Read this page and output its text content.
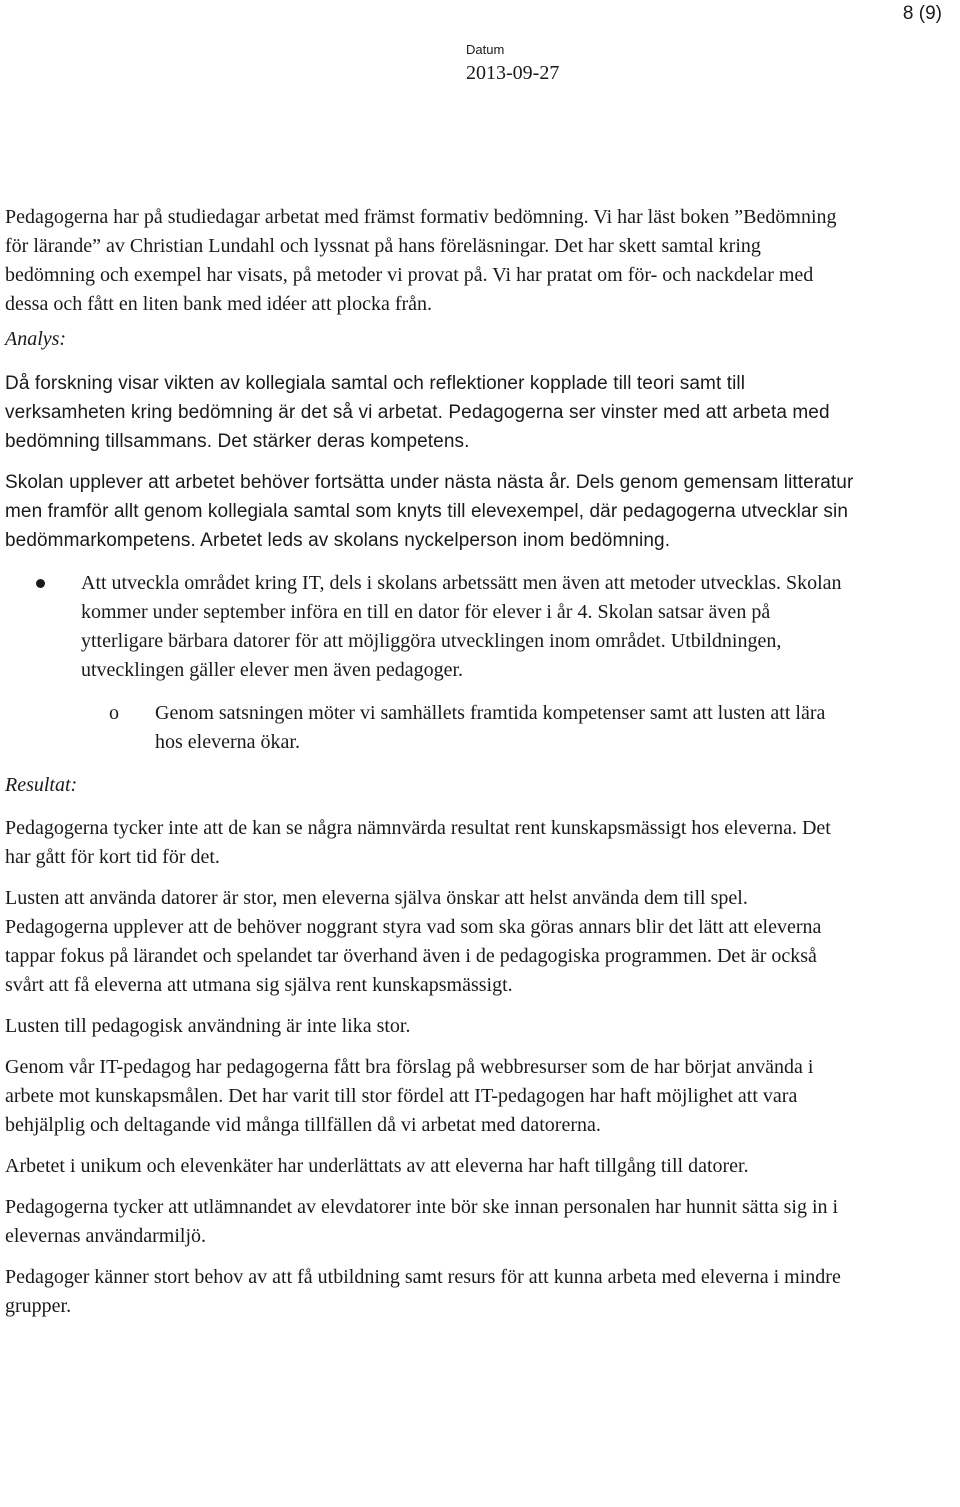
8 (9)
Datum
2013-09-27

Pedagogerna har på studiedagar arbetat med främst formativ bedömning. Vi har läst boken ”Bedömning för lärande” av Christian Lundahl och lyssnat på hans föreläsningar. Det har skett samtal kring bedömning och exempel har visats, på metoder vi provat på. Vi har pratat om för- och nackdelar med dessa och fått en liten bank med idéer att plocka från.

Analys:

Då forskning visar vikten av kollegiala samtal och reflektioner kopplade till teori samt till verksamheten kring bedömning är det så vi arbetat. Pedagogerna ser vinster med att arbeta med bedömning tillsammans. Det stärker deras kompetens.

Skolan upplever att arbetet behöver fortsätta under nästa nästa år. Dels genom gemensam litteratur men framför allt genom kollegiala samtal som knyts till elevexempel, där pedagogerna utvecklar sin bedömmarkompetens. Arbetet leds av skolans nyckelperson inom bedömning.

Att utveckla området kring IT, dels i skolans arbetssätt men även att metoder utvecklas. Skolan kommer under september införa en till en dator för elever i år 4. Skolan satsar även på ytterligare bärbara datorer för att möjliggöra utvecklingen inom området. Utbildningen, utvecklingen gäller elever men även pedagoger.
o Genom satsningen möter vi samhällets framtida kompetenser samt att lusten att lära hos eleverna ökar.

Resultat:

Pedagogerna tycker inte att de kan se några nämnvärda resultat rent kunskapsmässigt hos eleverna. Det har gått för kort tid för det.

Lusten att använda datorer är stor, men eleverna själva önskar att helst använda dem till spel. Pedagogerna upplever att de behöver noggrant styra vad som ska göras annars blir det lätt att eleverna tappar fokus på lärandet och spelandet tar överhand även i de pedagogiska programmen. Det är också svårt att få eleverna att utmana sig själva rent kunskapsmässigt.

Lusten till pedagogisk användning är inte lika stor.

Genom vår IT-pedagog har pedagogerna fått bra förslag på webbresurser som de har börjat använda i arbete mot kunskapsmålen. Det har varit till stor fördel att IT-pedagogen har haft möjlighet att vara behjälplig och deltagande vid många tillfällen då vi arbetat med datorerna.

Arbetet i unikum och elevenkäter har underlättats av att eleverna har haft tillgång till datorer.

Pedagogerna tycker att utlämnandet av elevdatorer inte bör ske innan personalen har hunnit sätta sig in i elevernas användarmiljö.

Pedagoger känner stort behov av att få utbildning samt resurs för att kunna arbeta med eleverna i mindre grupper.
